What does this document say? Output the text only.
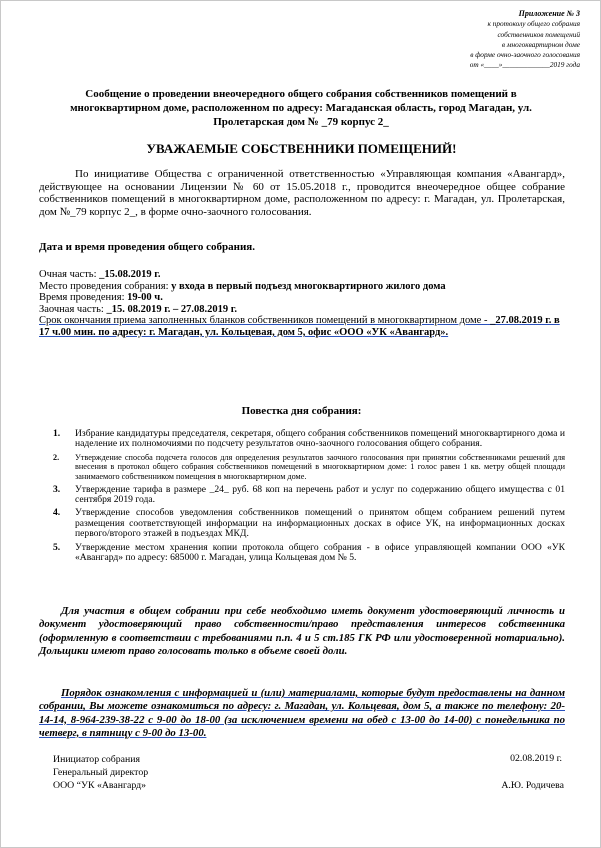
Приложение № 3
к протоколу общего собрания
собственников помещений
в многоквартирном доме
в форме очно-заочного голосования
от «____»_____________2019 года

Сообщение о проведении внеочередного общего собрания собственников помещений в многоквартирном доме, расположенном по адресу: Магаданская область, город Магадан, ул. Пролетарская дом № _79 корпус 2_

УВАЖАЕМЫЕ СОБСТВЕННИКИ ПОМЕЩЕНИЙ!

По инициативе Общества с ограниченной ответственностью «Управляющая компания «Авангард», действующее на основании Лицензии № 60 от 15.05.2018 г., проводится внеочередное общее собрание собственников помещений в многоквартирном доме, расположенном по адресу: г. Магадан, ул. Пролетарская, дом №_79 корпус 2_, в форме очно-заочного голосования.

Дата и время проведения общего собрания.

Очная часть: _15.08.2019 г.
Место проведения собрания: у входа в первый подъезд многоквартирного жилого дома
Время проведения: 19-00 ч.
Заочная часть: _15. 08.2019 г. – 27.08.2019 г.
Срок окончания приема заполненных бланков собственников помещений в многоквартирном доме - _27.08.2019 г. в 17 ч.00 мин. по адресу: г. Магадан, ул. Кольцевая, дом 5, офис «ООО «УК «Авангард».

Повестка дня собрания:

1. Избрание кандидатуры председателя, секретаря, общего собрания собственников помещений многоквартирного дома и наделение их полномочиями по подсчету результатов очно-заочного голосования общего собрания.
2. Утверждение способа подсчета голосов для определения результатов заочного голосования при принятии собственниками решений для внесения в протокол общего собрания собственников помещений в многоквартирном доме: 1 голос равен 1 кв. метру общей площади занимаемого собственником помещения в многоквартирном доме.
3. Утверждение тарифа в размере _24_ руб. 68 коп на перечень работ и услуг по содержанию общего имущества с 01 сентября 2019 года.
4. Утверждение способов уведомления собственников помещений о принятом общем собранием решений путем размещения соответствующей информации на информационных досках в офисе УК, на информационных досках первого/второго этажей в подъездах МКД.
5. Утверждение местом хранения копии протокола общего собрания - в офисе управляющей компании ООО «УК «Авангард» по адресу: 685000 г. Магадан, улица Кольцевая дом № 5.

Для участия в общем собрании при себе необходимо иметь документ удостоверяющий личность и документ удостоверяющий право собственности/право представления интересов собственника (оформленную в соответствии с требованиями п.п. 4 и 5 ст.185 ГК РФ или удостоверенной нотариально). Дольщики имеют право голосовать только в объеме своей доли.

Порядок ознакомления с информацией и (или) материалами, которые будут предоставлены на данном собрании, Вы можете ознакомиться по адресу: г. Магадан, ул. Кольцевая, дом 5, а также по телефону: 20-14-14, 8-964-239-38-22 с 9-00 до 18-00 (за исключением времени на обед с 13-00 до 14-00) с понедельника по четверг, в пятницу с 9-00 до 13-00.

Инициатор собрания
Генеральный директор
ООО “УК «Авангард»

02.08.2019 г.

А.Ю. Родичева
